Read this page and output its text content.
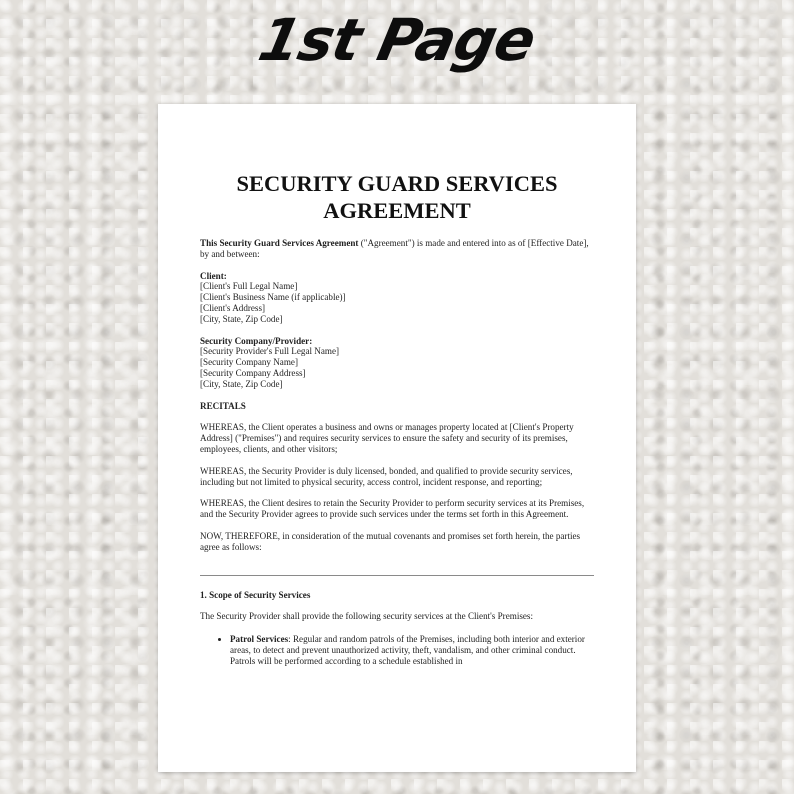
1st Page
SECURITY GUARD SERVICES AGREEMENT

This Security Guard Services Agreement ("Agreement") is made and entered into as of [Effective Date], by and between:

Client:

[Client's Full Legal Name]

[Client's Business Name (if applicable)]

[Client's Address]

[City, State, Zip Code]

Security Company/Provider:

[Security Provider's Full Legal Name]

[Security Company Name]

[Security Company Address]

[City, State, Zip Code]

RECITALS

WHEREAS, the Client operates a business and owns or manages property located at [Client's Property Address] ("Premises") and requires security services to ensure the safety and security of its premises, employees, clients, and other visitors;

WHEREAS, the Security Provider is duly licensed, bonded, and qualified to provide security services, including but not limited to physical security, access control, incident response, and reporting;

WHEREAS, the Client desires to retain the Security Provider to perform security services at its Premises, and the Security Provider agrees to provide such services under the terms set forth in this Agreement.

NOW, THEREFORE, in consideration of the mutual covenants and promises set forth herein, the parties agree as follows:

1. Scope of Security Services

The Security Provider shall provide the following security services at the Client's Premises:

• Patrol Services: Regular and random patrols of the Premises, including both interior and exterior areas, to detect and prevent unauthorized activity, theft, vandalism, and other criminal conduct. Patrols will be performed according to a schedule established in
